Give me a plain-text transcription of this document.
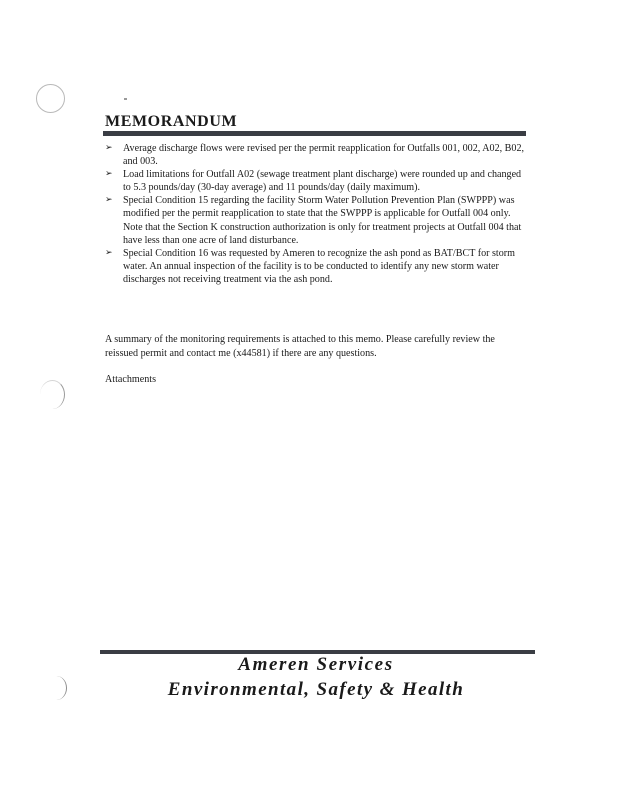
MEMORANDUM
➢ Average discharge flows were revised per the permit reapplication for Outfalls 001, 002, A02, B02, and 003.
➢ Load limitations for Outfall A02 (sewage treatment plant discharge) were rounded up and changed to 5.3 pounds/day (30-day average) and 11 pounds/day (daily maximum).
➢ Special Condition 15 regarding the facility Storm Water Pollution Prevention Plan (SWPPP) was modified per the permit reapplication to state that the SWPPP is applicable for Outfall 004 only. Note that the Section K construction authorization is only for treatment projects at Outfall 004 that have less than one acre of land disturbance.
➢ Special Condition 16 was requested by Ameren to recognize the ash pond as BAT/BCT for storm water. An annual inspection of the facility is to be conducted to identify any new storm water discharges not receiving treatment via the ash pond.

A summary of the monitoring requirements is attached to this memo. Please carefully review the reissued permit and contact me (x44581) if there are any questions.

Attachments

Ameren Services

Environmental, Safety & Health
